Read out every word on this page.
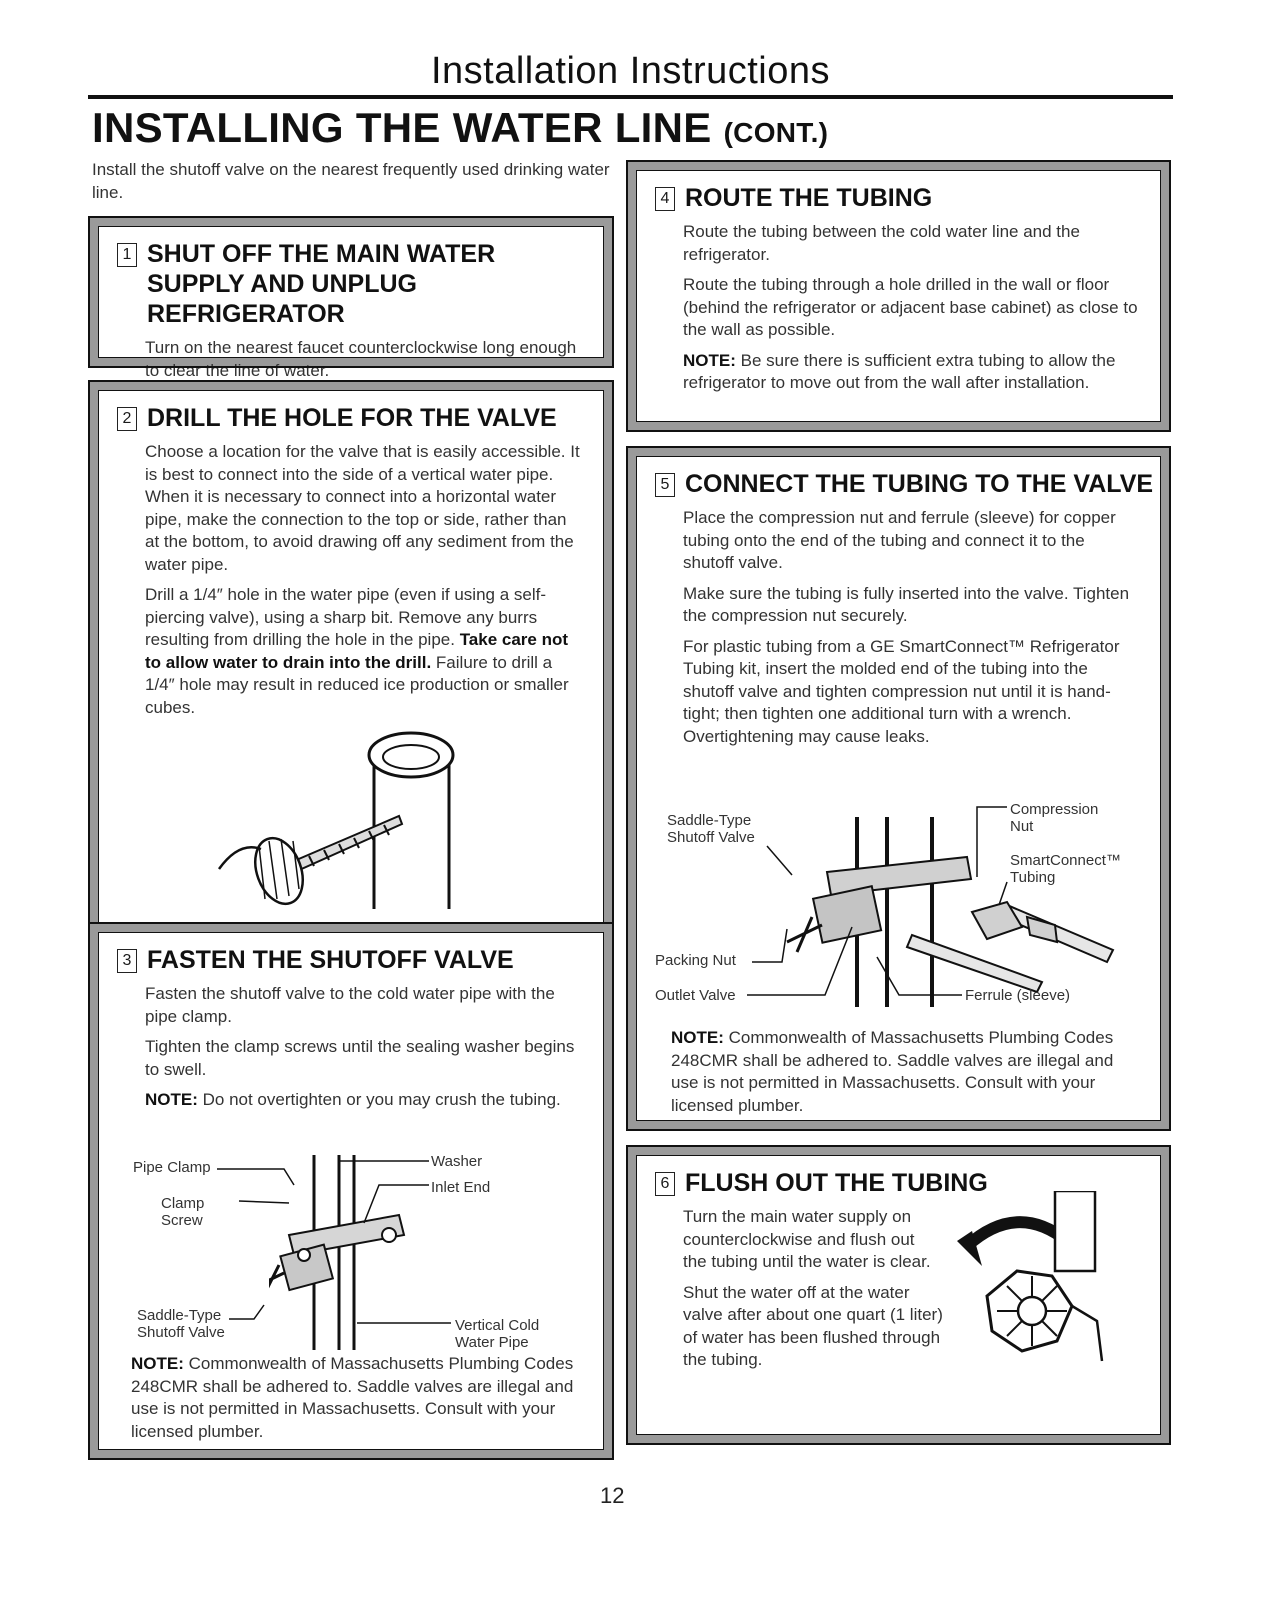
Installation Instructions
INSTALLING THE WATER LINE (CONT.)
Install the shutoff valve on the nearest frequently used drinking water line.
1 SHUT OFF THE MAIN WATER SUPPLY AND UNPLUG REFRIGERATOR

Turn on the nearest faucet counterclockwise long enough to clear the line of water.

2 DRILL THE HOLE FOR THE VALVE

Choose a location for the valve that is easily accessible. It is best to connect into the side of a vertical water pipe. When it is necessary to connect into a horizontal water pipe, make the connection to the top or side, rather than at the bottom, to avoid drawing off any sediment from the water pipe.

Drill a 1/4″ hole in the water pipe (even if using a self-piercing valve), using a sharp bit. Remove any burrs resulting from drilling the hole in the pipe. Take care not to allow water to drain into the drill. Failure to drill a 1/4″ hole may result in reduced ice production or smaller cubes.

3 FASTEN THE SHUTOFF VALVE

Fasten the shutoff valve to the cold water pipe with the pipe clamp.

Tighten the clamp screws until the sealing washer begins to swell.

NOTE: Do not overtighten or you may crush the tubing.

Pipe Clamp
Clamp Screw
Washer
Inlet End
Saddle-Type Shutoff Valve	Vertical Cold Water Pipe

NOTE: Commonwealth of Massachusetts Plumbing Codes 248CMR shall be adhered to. Saddle valves are illegal and use is not permitted in Massachusetts. Consult with your licensed plumber.

4 ROUTE THE TUBING

Route the tubing between the cold water line and the refrigerator.

Route the tubing through a hole drilled in the wall or floor (behind the refrigerator or adjacent base cabinet) as close to the wall as possible.

NOTE: Be sure there is sufficient extra tubing to allow the refrigerator to move out from the wall after installation.

5 CONNECT THE TUBING TO THE VALVE

Place the compression nut and ferrule (sleeve) for copper tubing onto the end of the tubing and connect it to the shutoff valve.

Make sure the tubing is fully inserted into the valve. Tighten the compression nut securely.

For plastic tubing from a GE SmartConnect™ Refrigerator Tubing kit, insert the molded end of the tubing into the shutoff valve and tighten compression nut until it is hand-tight; then tighten one additional turn with a wrench. Overtightening may cause leaks.

Saddle-Type Shutoff Valve
Compression Nut
SmartConnect™ Tubing
Packing Nut
Outlet Valve	Ferrule (sleeve)

NOTE: Commonwealth of Massachusetts Plumbing Codes 248CMR shall be adhered to. Saddle valves are illegal and use is not permitted in Massachusetts. Consult with your licensed plumber.

6 FLUSH OUT THE TUBING

Turn the main water supply on counterclockwise and flush out the tubing until the water is clear.

Shut the water off at the water valve after about one quart (1 liter) of water has been flushed through the tubing.

12
